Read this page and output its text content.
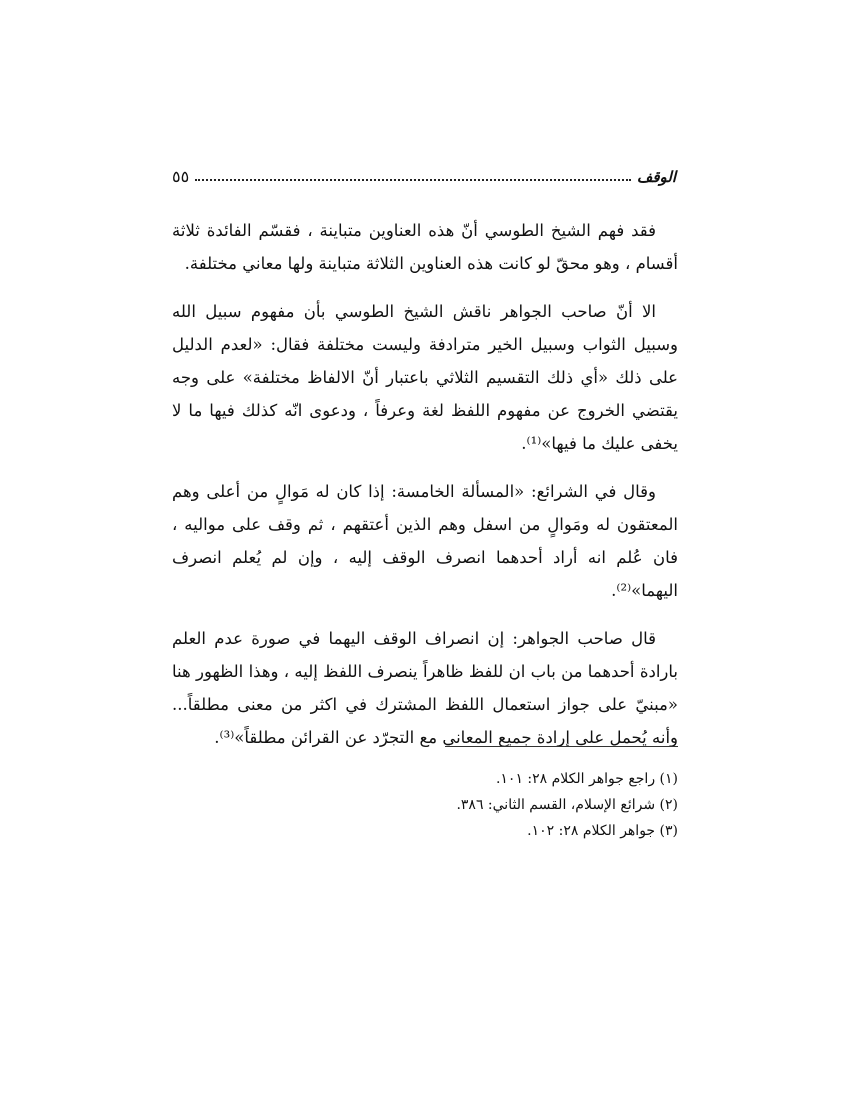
الوقف
٥٥

فقد فهم الشيخ الطوسي أنّ هذه العناوين متباينة ، فقسّم الفائدة ثلاثة أقسام ، وهو محقّ لو كانت هذه العناوين الثلاثة متباينة ولها معاني مختلفة.

الا أنّ صاحب الجواهر ناقش الشيخ الطوسي بأن مفهوم سبيل الله وسبيل الثواب وسبيل الخير مترادفة وليست مختلفة فقال: «لعدم الدليل على ذلك «أي ذلك التقسيم الثلاثي باعتبار أنّ الالفاظ مختلفة» على وجه يقتضي الخروج عن مفهوم اللفظ لغة وعرفاً ، ودعوى انّه كذلك فيها ما لا يخفى عليك ما فيها»⁽¹⁾.

وقال في الشرائع: «المسألة الخامسة: إذا كان له مَوالٍ من أعلى وهم المعتقون له ومَوالٍ من اسفل وهم الذين أعتقهم ، ثم وقف على مواليه ، فان عُلم انه أراد أحدهما انصرف الوقف إليه ، وإن لم يُعلم انصرف اليهما»⁽²⁾.

قال صاحب الجواهر: إن انصراف الوقف اليهما في صورة عدم العلم بارادة أحدهما من باب ان للفظ ظاهراً ينصرف اللفظ إليه ، وهذا الظهور هنا «مبنيّ على جواز استعمال اللفظ المشترك في اكثر من معنى مطلقاً... وأنه يُحمل على إرادة جميع المعاني مع التجرّد عن القرائن مطلقاً»⁽³⁾.

(١) راجع جواهر الكلام ٢٨: ١٠١.
(٢) شرائع الإسلام، القسم الثاني: ٣٨٦.
(٣) جواهر الكلام ٢٨: ١٠٢.
